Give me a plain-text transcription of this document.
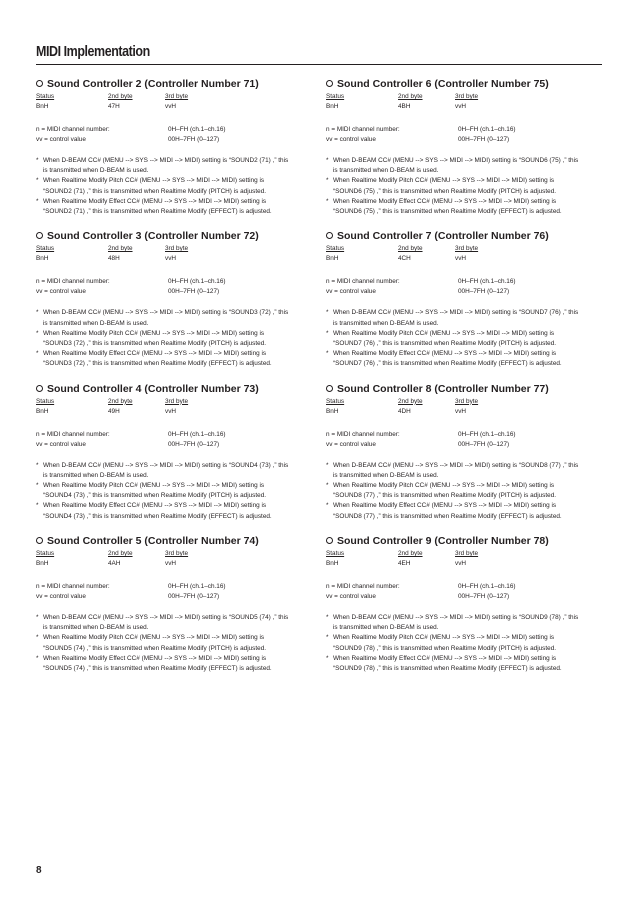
MIDI Implementation
Sound Controller 2 (Controller Number 71)
Status	2nd byte	3rd byte
BnH	47H	vvH
n = MIDI channel number:	0H–FH (ch.1–ch.16)
vv = control value	00H–7FH (0–127)
* When D-BEAM CC# (MENU --> SYS --> MIDI --> MIDI) setting is “SOUND2 (71) ,” this
is transmitted when D-BEAM is used.
* When Realtime Modify Pitch CC# (MENU --> SYS --> MIDI --> MIDI) setting is
“SOUND2 (71) ,” this is transmitted when Realtime Modify (PITCH) is adjusted.
* When Realtime Modify Effect CC# (MENU --> SYS --> MIDI --> MIDI) setting is
“SOUND2 (71) ,” this is transmitted when Realtime Modify (EFFECT) is adjusted.
Sound Controller 3 (Controller Number 72)
Status	2nd byte	3rd byte
BnH	48H	vvH
n = MIDI channel number:	0H–FH (ch.1–ch.16)
vv = control value	00H–7FH (0–127)
* When D-BEAM CC# (MENU --> SYS --> MIDI --> MIDI) setting is “SOUND3 (72) ,” this
is transmitted when D-BEAM is used.
* When Realtime Modify Pitch CC# (MENU --> SYS --> MIDI --> MIDI) setting is
“SOUND3 (72) ,” this is transmitted when Realtime Modify (PITCH) is adjusted.
* When Realtime Modify Effect CC# (MENU --> SYS --> MIDI --> MIDI) setting is
“SOUND3 (72) ,” this is transmitted when Realtime Modify (EFFECT) is adjusted.
Sound Controller 4 (Controller Number 73)
Status	2nd byte	3rd byte
BnH	49H	vvH
n = MIDI channel number:	0H–FH (ch.1–ch.16)
vv = control value	00H–7FH (0–127)
* When D-BEAM CC# (MENU --> SYS --> MIDI --> MIDI) setting is “SOUND4 (73) ,” this
is transmitted when D-BEAM is used.
* When Realtime Modify Pitch CC# (MENU --> SYS --> MIDI --> MIDI) setting is
“SOUND4 (73) ,” this is transmitted when Realtime Modify (PITCH) is adjusted.
* When Realtime Modify Effect CC# (MENU --> SYS --> MIDI --> MIDI) setting is
“SOUND4 (73) ,” this is transmitted when Realtime Modify (EFFECT) is adjusted.
Sound Controller 5 (Controller Number 74)
Status	2nd byte	3rd byte
BnH	4AH	vvH
n = MIDI channel number:	0H–FH (ch.1–ch.16)
vv = control value	00H–7FH (0–127)
* When D-BEAM CC# (MENU --> SYS --> MIDI --> MIDI) setting is “SOUND5 (74) ,” this
is transmitted when D-BEAM is used.
* When Realtime Modify Pitch CC# (MENU --> SYS --> MIDI --> MIDI) setting is
“SOUND5 (74) ,” this is transmitted when Realtime Modify (PITCH) is adjusted.
* When Realtime Modify Effect CC# (MENU --> SYS --> MIDI --> MIDI) setting is
“SOUND5 (74) ,” this is transmitted when Realtime Modify (EFFECT) is adjusted.
Sound Controller 6 (Controller Number 75)
Status	2nd byte	3rd byte
BnH	4BH	vvH
n = MIDI channel number:	0H–FH (ch.1–ch.16)
vv = control value	00H–7FH (0–127)
* When D-BEAM CC# (MENU --> SYS --> MIDI --> MIDI) setting is “SOUND6 (75) ,” this
is transmitted when D-BEAM is used.
* When Realtime Modify Pitch CC# (MENU --> SYS --> MIDI --> MIDI) setting is
“SOUND6 (75) ,” this is transmitted when Realtime Modify (PITCH) is adjusted.
* When Realtime Modify Effect CC# (MENU --> SYS --> MIDI --> MIDI) setting is
“SOUND6 (75) ,” this is transmitted when Realtime Modify (EFFECT) is adjusted.
Sound Controller 7 (Controller Number 76)
Status	2nd byte	3rd byte
BnH	4CH	vvH
n = MIDI channel number:	0H–FH (ch.1–ch.16)
vv = control value	00H–7FH (0–127)
* When D-BEAM CC# (MENU --> SYS --> MIDI --> MIDI) setting is “SOUND7 (76) ,” this
is transmitted when D-BEAM is used.
* When Realtime Modify Pitch CC# (MENU --> SYS --> MIDI --> MIDI) setting is
“SOUND7 (76) ,” this is transmitted when Realtime Modify (PITCH) is adjusted.
* When Realtime Modify Effect CC# (MENU --> SYS --> MIDI --> MIDI) setting is
“SOUND7 (76) ,” this is transmitted when Realtime Modify (EFFECT) is adjusted.
Sound Controller 8 (Controller Number 77)
Status	2nd byte	3rd byte
BnH	4DH	vvH
n = MIDI channel number:	0H–FH (ch.1–ch.16)
vv = control value	00H–7FH (0–127)
* When D-BEAM CC# (MENU --> SYS --> MIDI --> MIDI) setting is “SOUND8 (77) ,” this
is transmitted when D-BEAM is used.
* When Realtime Modify Pitch CC# (MENU --> SYS --> MIDI --> MIDI) setting is
“SOUND8 (77) ,” this is transmitted when Realtime Modify (PITCH) is adjusted.
* When Realtime Modify Effect CC# (MENU --> SYS --> MIDI --> MIDI) setting is
“SOUND8 (77) ,” this is transmitted when Realtime Modify (EFFECT) is adjusted.
Sound Controller 9 (Controller Number 78)
Status	2nd byte	3rd byte
BnH	4EH	vvH
n = MIDI channel number:	0H–FH (ch.1–ch.16)
vv = control value	00H–7FH (0–127)
* When D-BEAM CC# (MENU --> SYS --> MIDI --> MIDI) setting is “SOUND9 (78) ,” this
is transmitted when D-BEAM is used.
* When Realtime Modify Pitch CC# (MENU --> SYS --> MIDI --> MIDI) setting is
“SOUND9 (78) ,” this is transmitted when Realtime Modify (PITCH) is adjusted.
* When Realtime Modify Effect CC# (MENU --> SYS --> MIDI --> MIDI) setting is
“SOUND9 (78) ,” this is transmitted when Realtime Modify (EFFECT) is adjusted.
8
